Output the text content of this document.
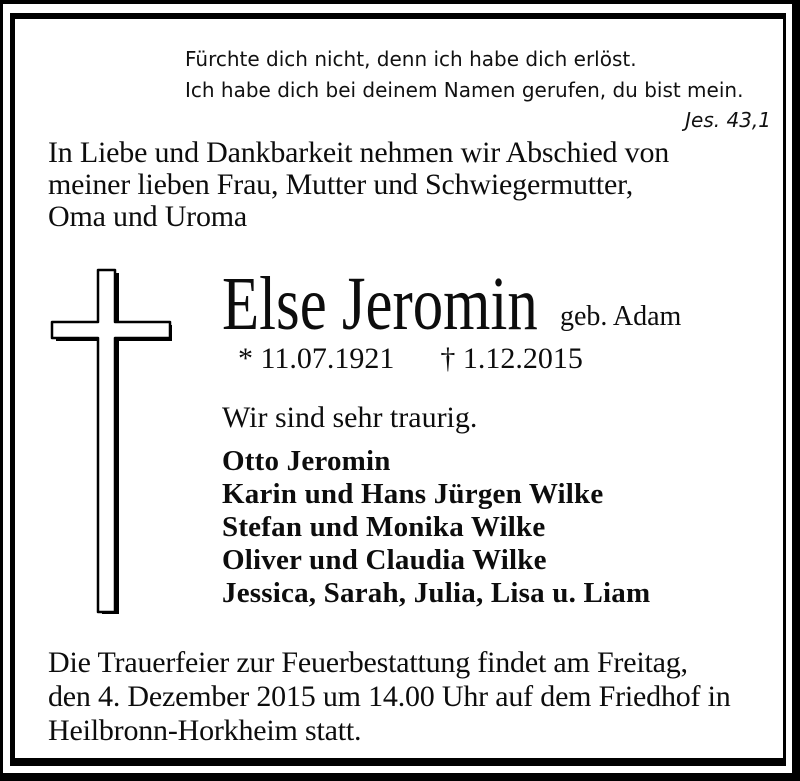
Fürchte dich nicht, denn ich habe dich erlöst.
Ich habe dich bei deinem Namen gerufen, du bist mein.
Jes. 43,1
In Liebe und Dankbarkeit nehmen wir Abschied von
meiner lieben Frau, Mutter und Schwiegermutter,
Oma und Uroma
Else Jeromin geb. Adam
* 11.07.1921 † 1.12.2015
Wir sind sehr traurig.
Otto Jeromin
Karin und Hans Jürgen Wilke
Stefan und Monika Wilke
Oliver und Claudia Wilke
Jessica, Sarah, Julia, Lisa u. Liam
Die Trauerfeier zur Feuerbestattung findet am Freitag,
den 4. Dezember 2015 um 14.00 Uhr auf dem Friedhof in
Heilbronn-Horkheim statt.
